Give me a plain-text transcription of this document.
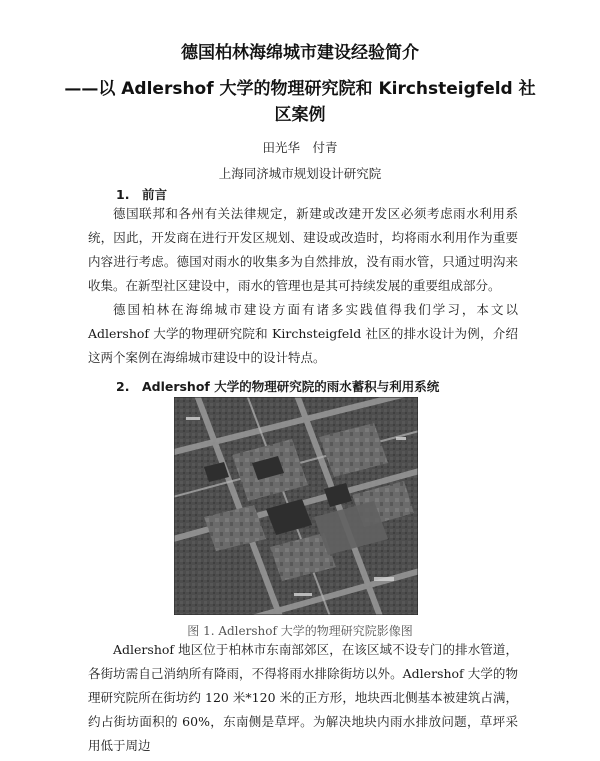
德国柏林海绵城市建设经验简介
——以 Adlershof 大学的物理研究院和 Kirchsteigfeld 社
区案例
田光华　付青
上海同济城市规划设计研究院
1.　前言

德国联邦和各州有关法律规定，新建或改建开发区必须考虑雨水利用系统，因此，开发商在进行开发区规划、建设或改造时，均将雨水利用作为重要内容进行考虑。德国对雨水的收集多为自然排放，没有雨水管，只通过明沟来收集。在新型社区建设中，雨水的管理也是其可持续发展的重要组成部分。

德国柏林在海绵城市建设方面有诸多实践值得我们学习，本文以 Adlershof 大学的物理研究院和 Kirchsteigfeld 社区的排水设计为例，介绍这两个案例在海绵城市建设中的设计特点。

2.　Adlershof 大学的物理研究院的雨水蓄积与利用系统
图 1. Adlershof 大学的物理研究院影像图

Adlershof 地区位于柏林市东南部郊区，在该区域不设专门的排水管道，各街坊需自己消纳所有降雨，不得将雨水排除街坊以外。Adlershof 大学的物理研究院所在街坊约 120 米*120 米的正方形，地块西北侧基本被建筑占满，约占街坊面积的 60%，东南侧是草坪。为解决地块内雨水排放问题，草坪采用低于周边
